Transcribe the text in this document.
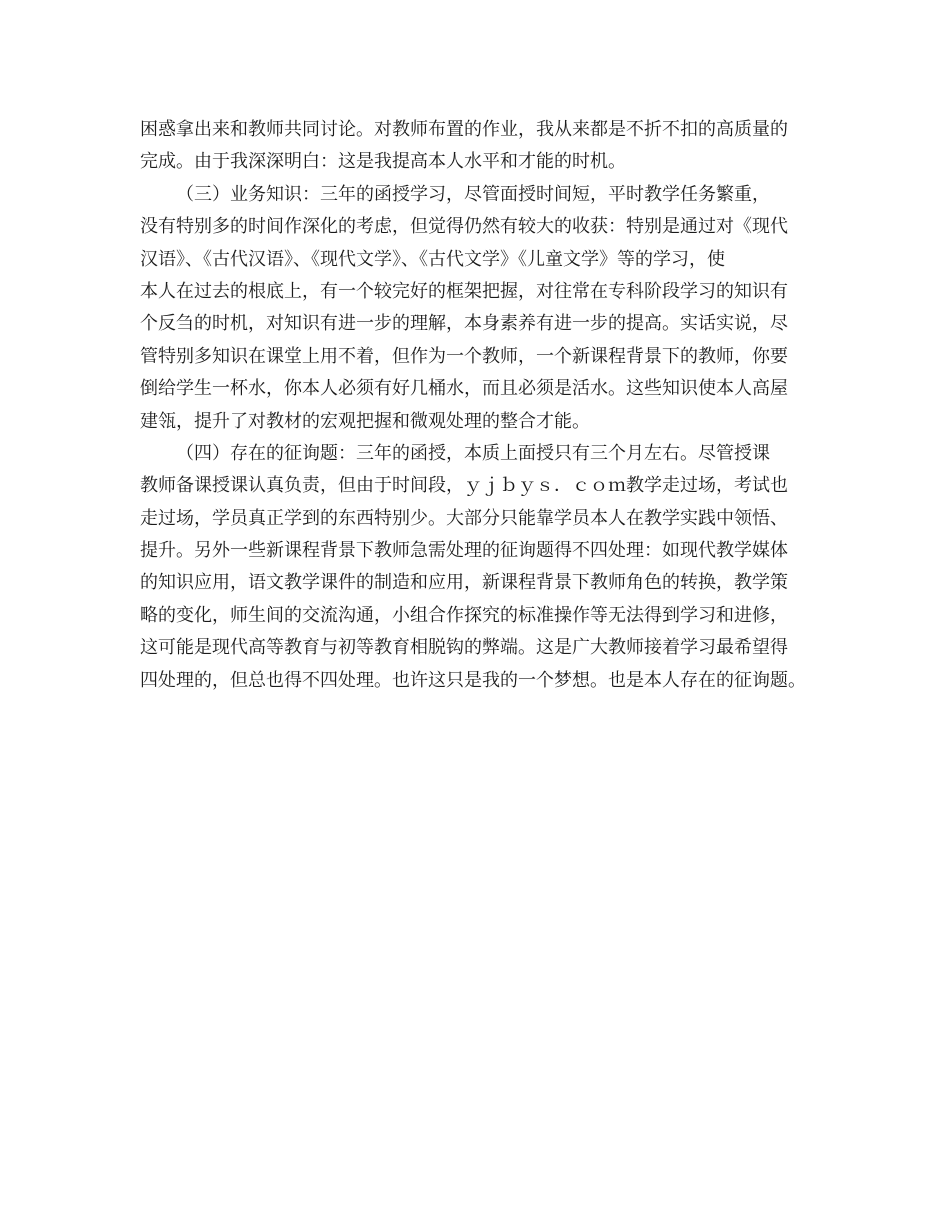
困惑拿出来和教师共同讨论。对教师布置的作业，我从来都是不折不扣的高质量的
完成。由于我深深明白：这是我提高本人水平和才能的时机。
（三）业务知识：三年的函授学习，尽管面授时间短，平时教学任务繁重，
没有特别多的时间作深化的考虑，但觉得仍然有较大的收获：特别是通过对《现代
汉语》、《古代汉语》、《现代文学》、《古代文学》《儿童文学》等的学习，使
本人在过去的根底上，有一个较完好的框架把握，对往常在专科阶段学习的知识有
个反刍的时机，对知识有进一步的理解，本身素养有进一步的提高。实话实说，尽
管特别多知识在课堂上用不着，但作为一个教师，一个新课程背景下的教师，你要
倒给学生一杯水，你本人必须有好几桶水，而且必须是活水。这些知识使本人高屋
建瓴，提升了对教材的宏观把握和微观处理的整合才能。
（四）存在的征询题：三年的函授，本质上面授只有三个月左右。尽管授课
教师备课授课认真负责，但由于时间段，ｙｊｂｙｓ．ｃｏｍ教学走过场，考试也
走过场，学员真正学到的东西特别少。大部分只能靠学员本人在教学实践中领悟、
提升。另外一些新课程背景下教师急需处理的征询题得不四处理：如现代教学媒体
的知识应用，语文教学课件的制造和应用，新课程背景下教师角色的转换，教学策
略的变化，师生间的交流沟通，小组合作探究的标准操作等无法得到学习和进修，
这可能是现代高等教育与初等教育相脱钩的弊端。这是广大教师接着学习最希望得
四处理的，但总也得不四处理。也许这只是我的一个梦想。也是本人存在的征询题。
